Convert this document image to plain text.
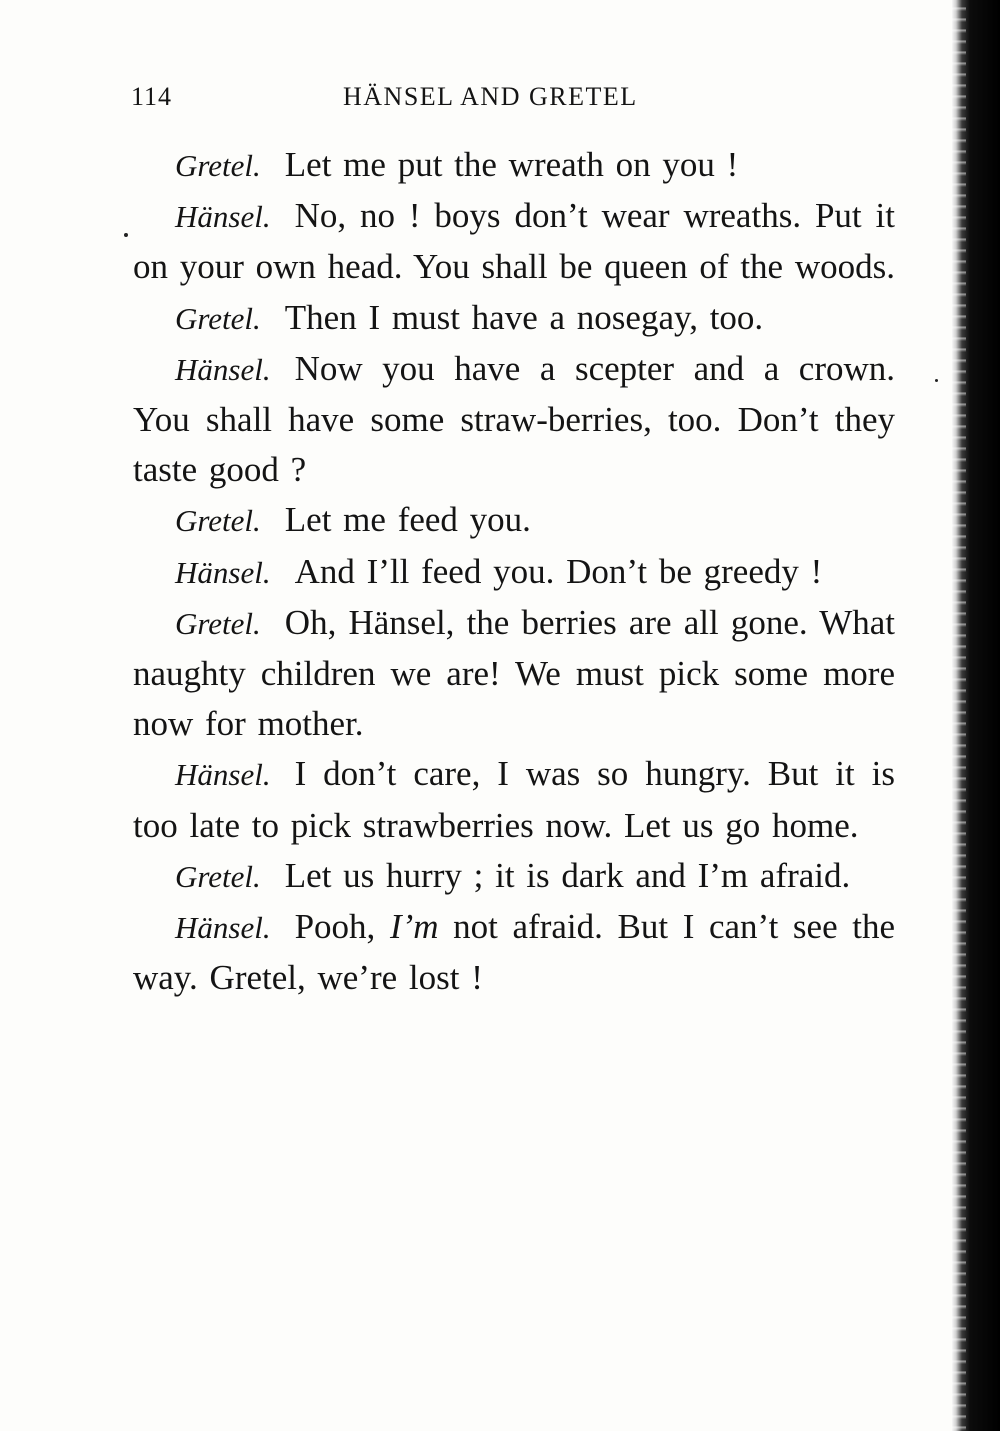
114	HÄNSEL AND GRETEL

Gretel. Let me put the wreath on you !

Hänsel. No, no ! boys don’t wear wreaths. Put it on your own head. You shall be queen of the woods.

Gretel. Then I must have a nosegay, too.

Hänsel. Now you have a scepter and a crown. You shall have some straw-berries, too. Don’t they taste good ?

Gretel. Let me feed you.

Hänsel. And I’ll feed you. Don’t be greedy !

Gretel. Oh, Hänsel, the berries are all gone. What naughty children we are! We must pick some more now for mother.

Hänsel. I don’t care, I was so hungry. But it is too late to pick strawberries now. Let us go home.

Gretel. Let us hurry ; it is dark and I’m afraid.

Hänsel. Pooh, I’m not afraid. But I can’t see the way. Gretel, we’re lost !
